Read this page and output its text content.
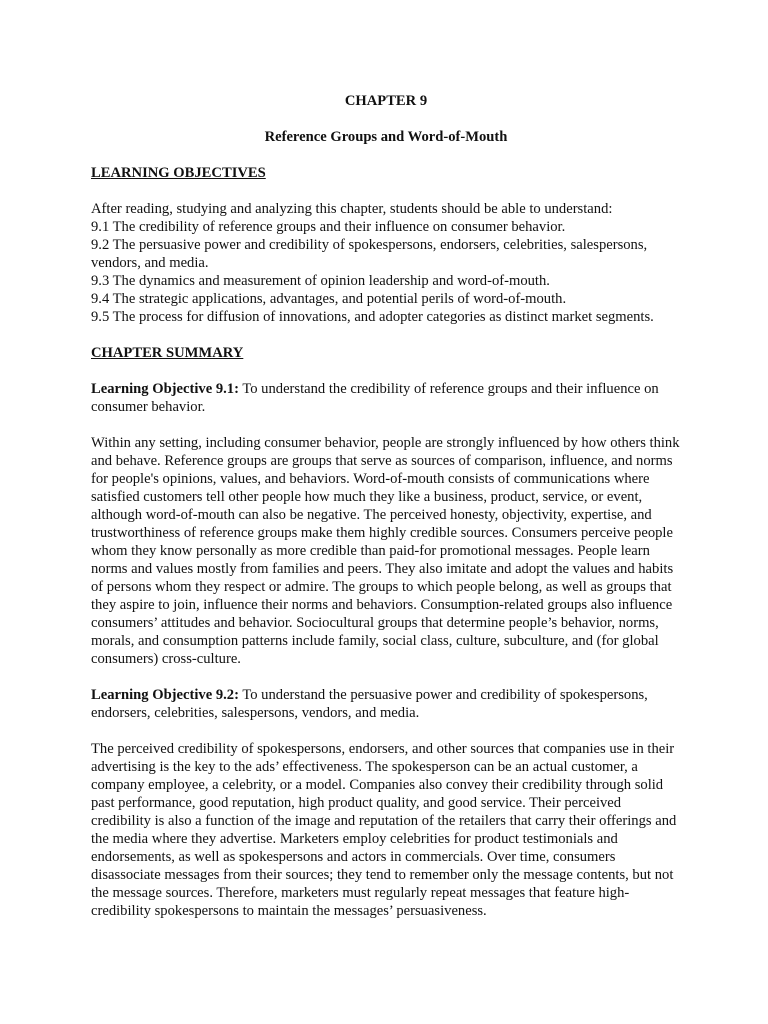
CHAPTER 9
Reference Groups and Word-of-Mouth
LEARNING OBJECTIVES

After reading, studying and analyzing this chapter, students should be able to understand:

9.1 The credibility of reference groups and their influence on consumer behavior.
9.2 The persuasive power and credibility of spokespersons, endorsers, celebrities, salespersons, vendors, and media.
9.3 The dynamics and measurement of opinion leadership and word-of-mouth.
9.4 The strategic applications, advantages, and potential perils of word-of-mouth.
9.5 The process for diffusion of innovations, and adopter categories as distinct market segments.
CHAPTER SUMMARY

Learning Objective 9.1: To understand the credibility of reference groups and their influence on consumer behavior.

Within any setting, including consumer behavior, people are strongly influenced by how others think and behave. Reference groups are groups that serve as sources of comparison, influence, and norms for people's opinions, values, and behaviors. Word-of-mouth consists of communications where satisfied customers tell other people how much they like a business, product, service, or event, although word-of-mouth can also be negative. The perceived honesty, objectivity, expertise, and trustworthiness of reference groups make them highly credible sources. Consumers perceive people whom they know personally as more credible than paid-for promotional messages. People learn norms and values mostly from families and peers. They also imitate and adopt the values and habits of persons whom they respect or admire. The groups to which people belong, as well as groups that they aspire to join, influence their norms and behaviors. Consumption-related groups also influence consumers’ attitudes and behavior. Sociocultural groups that determine people’s behavior, norms, morals, and consumption patterns include family, social class, culture, subculture, and (for global consumers) cross-culture.

Learning Objective 9.2: To understand the persuasive power and credibility of spokespersons, endorsers, celebrities, salespersons, vendors, and media.

The perceived credibility of spokespersons, endorsers, and other sources that companies use in their advertising is the key to the ads’ effectiveness. The spokesperson can be an actual customer, a company employee, a celebrity, or a model. Companies also convey their credibility through solid past performance, good reputation, high product quality, and good service. Their perceived credibility is also a function of the image and reputation of the retailers that carry their offerings and the media where they advertise. Marketers employ celebrities for product testimonials and endorsements, as well as spokespersons and actors in commercials. Over time, consumers disassociate messages from their sources; they tend to remember only the message contents, but not the message sources. Therefore, marketers must regularly repeat messages that feature high-credibility spokespersons to maintain the messages’ persuasiveness.
